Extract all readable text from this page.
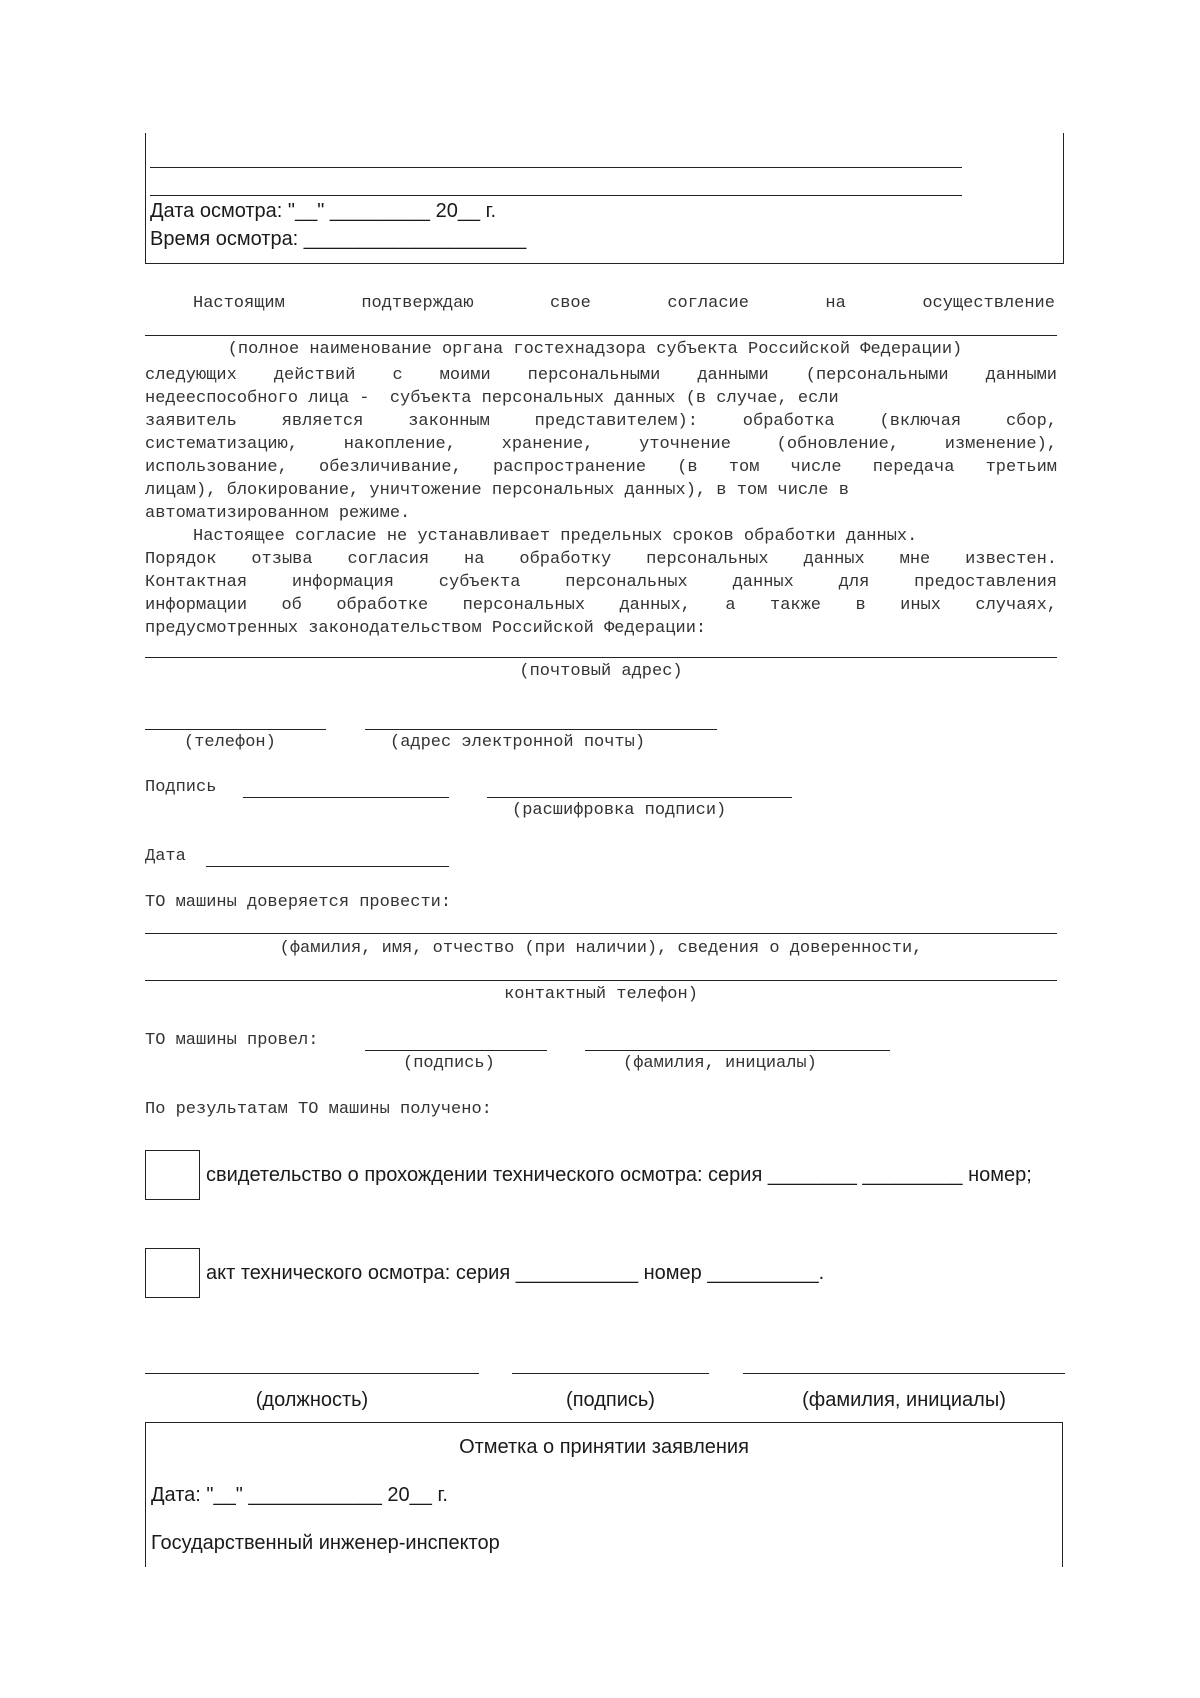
Дата осмотра: "__" _________ 20__ г.
Время осмотра: ____________________
Настоящим	подтверждаю	свое	согласие	на	осуществление
(полное наименование органа гостехнадзора субъекта Российской Федерации)
следующих действий с моими персональными данными (персональными данными
недееспособного лица -  субъекта персональных данных (в случае, если
заявитель является законным представителем): обработка (включая сбор,
систематизацию, накопление, хранение, уточнение (обновление, изменение),
использование, обезличивание, распространение (в том числе передача третьим
лицам), блокирование, уничтожение персональных данных), в том числе в
автоматизированном режиме.
Настоящее согласие не устанавливает предельных сроков обработки данных.
Порядок отзыва согласия на обработку персональных данных мне известен.
Контактная информация субъекта персональных данных для предоставления
информации об обработке персональных данных, а также в иных случаях,
предусмотренных законодательством Российской Федерации:
(почтовый адрес)
(телефон)	(адрес электронной почты)
Подпись
(расшифровка подписи)
Дата
ТО машины доверяется провести:
(фамилия, имя, отчество (при наличии), сведения о доверенности,
контактный телефон)
ТО машины провел:
(подпись)	(фамилия, инициалы)
По результатам ТО машины получено:
свидетельство о прохождении технического осмотра: серия ________ _________ номер;
акт технического осмотра: серия ___________ номер __________.
(должность)	(подпись)	(фамилия, инициалы)
Отметка о принятии заявления
Дата: "__" ____________ 20__ г.
Государственный инженер-инспектор
